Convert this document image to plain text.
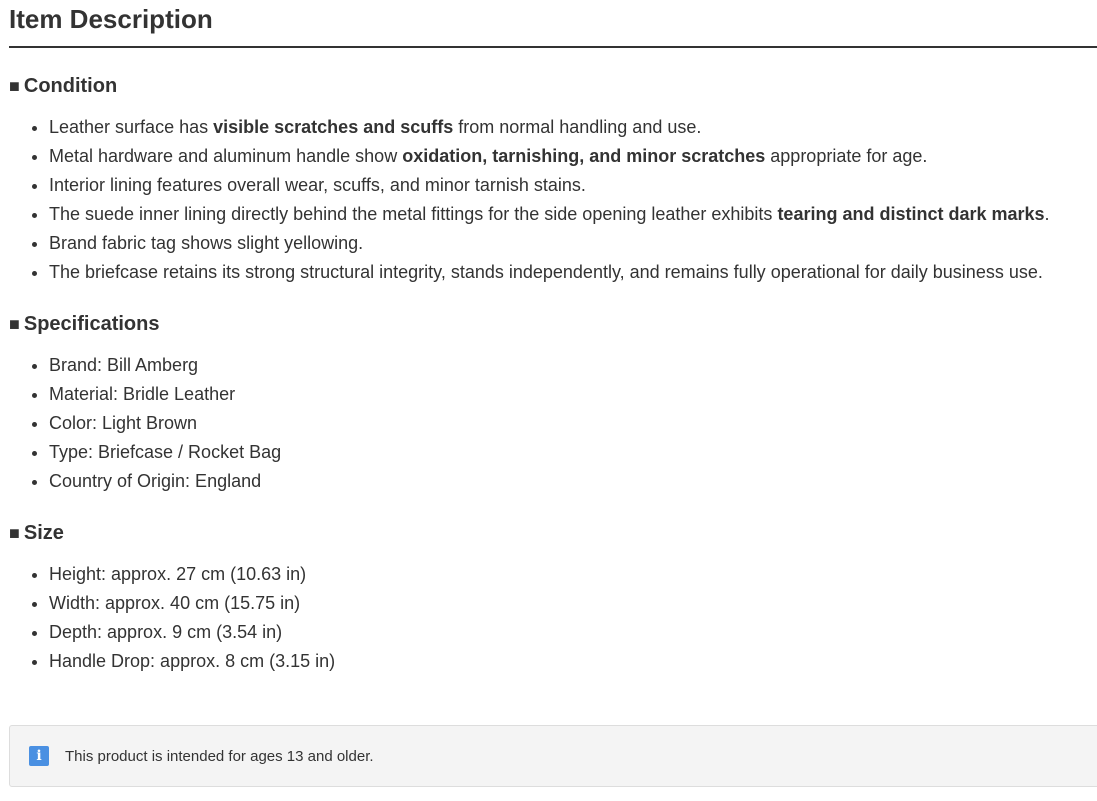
Item Description
■ Condition
• Leather surface has visible scratches and scuffs from normal handling and use.
• Metal hardware and aluminum handle show oxidation, tarnishing, and minor scratches appropriate for age.
• Interior lining features overall wear, scuffs, and minor tarnish stains.
• The suede inner lining directly behind the metal fittings for the side opening leather exhibits tearing and distinct dark marks.
• Brand fabric tag shows slight yellowing.
• The briefcase retains its strong structural integrity, stands independently, and remains fully operational for daily business use.
■ Specifications
• Brand: Bill Amberg
• Material: Bridle Leather
• Color: Light Brown
• Type: Briefcase / Rocket Bag
• Country of Origin: England
■ Size
• Height: approx. 27 cm (10.63 in)
• Width: approx. 40 cm (15.75 in)
• Depth: approx. 9 cm (3.54 in)
• Handle Drop: approx. 8 cm (3.15 in)
i	This product is intended for ages 13 and older.
